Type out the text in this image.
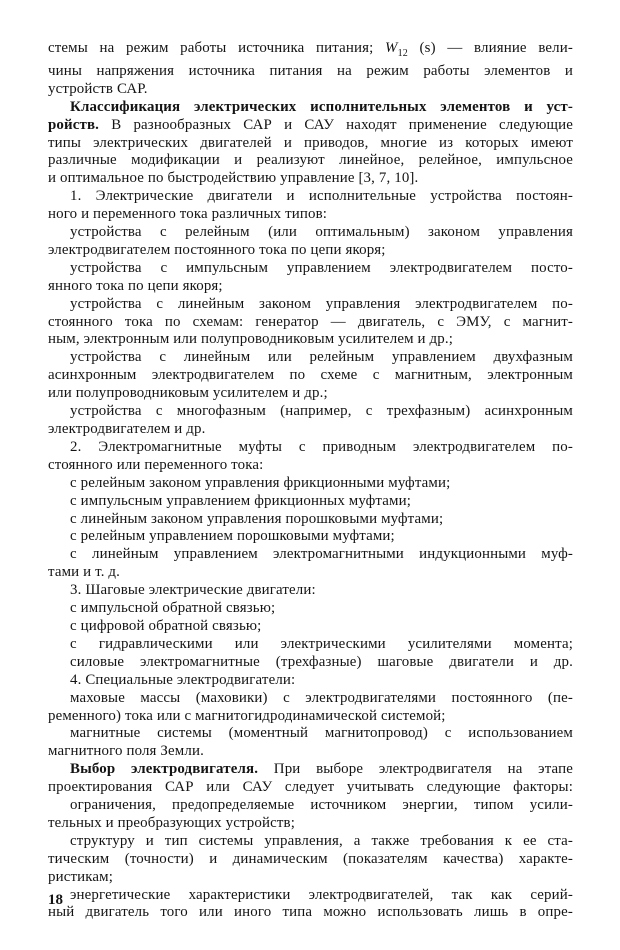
стемы на режим работы источника питания; $W_{12}$ (s) — влияние вели-
чины напряжения источника питания на режим работы элементов и
устройств САР.
Классификация электрических исполнительных элементов и уст-
ройств. В разнообразных САР и САУ находят применение следующие
типы электрических двигателей и приводов, многие из которых имеют
различные модификации и реализуют линейное, релейное, импульсное
и оптимальное по быстродействию управление [3, 7, 10].
1. Электрические двигатели и исполнительные устройства постоян-
ного и переменного тока различных типов:
устройства с релейным (или оптимальным) законом управления
электродвигателем постоянного тока по цепи якоря;
устройства с импульсным управлением электродвигателем посто-
янного тока по цепи якоря;
устройства с линейным законом управления электродвигателем по-
стоянного тока по схемам: генератор — двигатель, с ЭМУ, с магнит-
ным, электронным или полупроводниковым усилителем и др.;
устройства с линейным или релейным управлением двухфазным
асинхронным электродвигателем по схеме с магнитным, электронным
или полупроводниковым усилителем и др.;
устройства с многофазным (например, с трехфазным) асинхронным
электродвигателем и др.
2. Электромагнитные муфты с приводным электродвигателем по-
стоянного или переменного тока:
с релейным законом управления фрикционными муфтами;
с импульсным управлением фрикционных муфтами;
с линейным законом управления порошковыми муфтами;
с релейным управлением порошковыми муфтами;
с линейным управлением электромагнитными индукционными муф-
тами и т. д.
3. Шаговые электрические двигатели:
с импульсной обратной связью;
с цифровой обратной связью;
с гидравлическими или электрическими усилителями момента;
силовые электромагнитные (трехфазные) шаговые двигатели и др.
4. Специальные электродвигатели:
маховые массы (маховики) с электродвигателями постоянного (пе-
ременного) тока или с магнитогидродинамической системой;
магнитные системы (моментный магнитопровод) с использованием
магнитного поля Земли.
Выбор электродвигателя. При выборе электродвигателя на этапе
проектирования САР или САУ следует учитывать следующие факторы:
ограничения, предопределяемые источником энергии, типом усили-
тельных и преобразующих устройств;
структуру и тип системы управления, а также требования к ее ста-
тическим (точности) и динамическим (показателям качества) характе-
ристикам;
энергетические характеристики электродвигателей, так как серий-
ный двигатель того или иного типа можно использовать лишь в опре-
18
